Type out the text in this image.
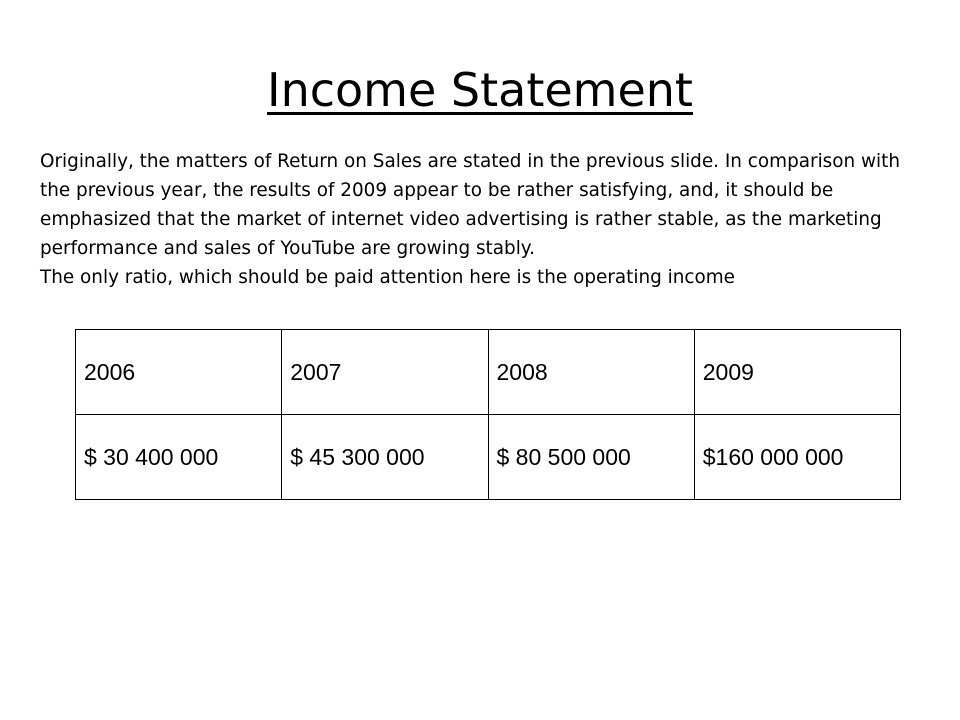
Income Statement

Originally, the matters of Return on Sales are stated in the previous slide. In comparison with the previous year, the results of 2009 appear to be rather satisfying, and, it should be emphasized that the market of internet video advertising is rather stable, as the marketing performance and sales of YouTube are growing stably.

The only ratio, which should be paid attention here is the operating income

2006	2007	2008	2009
$ 30 400 000	$ 45 300 000	$ 80 500 000	$160 000 000
